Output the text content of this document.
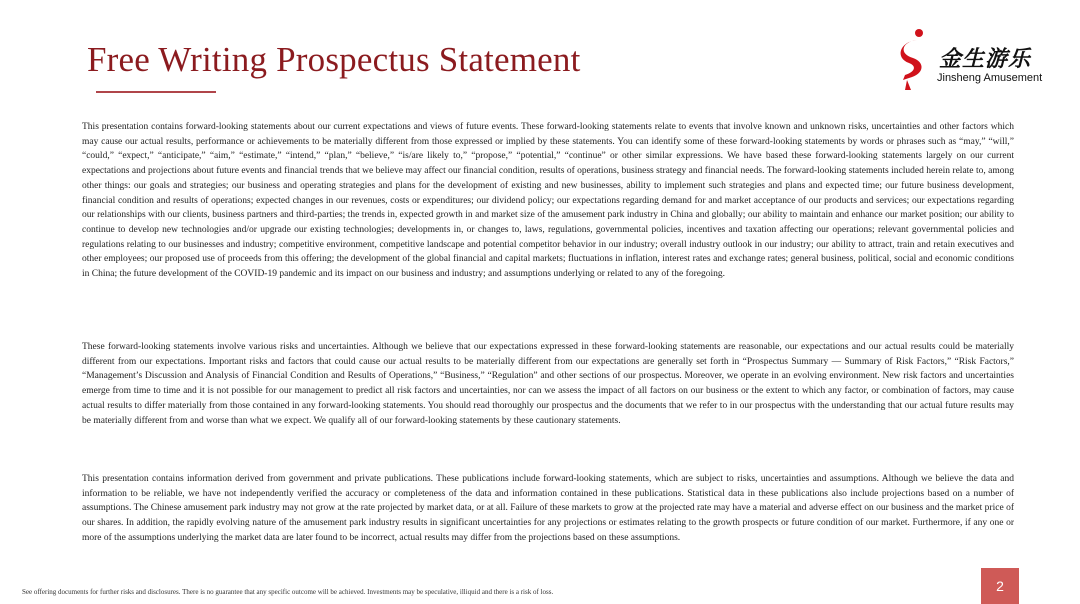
Free Writing Prospectus Statement	金生游乐
Jinsheng Amusement

This presentation contains forward-looking statements about our current expectations and views of future events. These forward-looking statements relate to events that involve known and unknown risks, uncertainties and other factors which may cause our actual results, performance or achievements to be materially different from those expressed or implied by these statements. You can identify some of these forward-looking statements by words or phrases such as “may,” “will,” “could,” “expect,” “anticipate,” “aim,” “estimate,” “intend,” “plan,” “believe,” “is/are likely to,” “propose,” “potential,” “continue” or other similar expressions. We have based these forward-looking statements largely on our current expectations and projections about future events and financial trends that we believe may affect our financial condition, results of operations, business strategy and financial needs. The forward-looking statements included herein relate to, among other things: our goals and strategies; our business and operating strategies and plans for the development of existing and new businesses, ability to implement such strategies and plans and expected time; our future business development, financial condition and results of operations; expected changes in our revenues, costs or expenditures; our dividend policy; our expectations regarding demand for and market acceptance of our products and services; our expectations regarding our relationships with our clients, business partners and third-parties; the trends in, expected growth in and market size of the amusement park industry in China and globally; our ability to maintain and enhance our market position; our ability to continue to develop new technologies and/or upgrade our existing technologies; developments in, or changes to, laws, regulations, governmental policies, incentives and taxation affecting our operations; relevant governmental policies and regulations relating to our businesses and industry; competitive environment, competitive landscape and potential competitor behavior in our industry; overall industry outlook in our industry; our ability to attract, train and retain executives and other employees; our proposed use of proceeds from this offering; the development of the global financial and capital markets; fluctuations in inflation, interest rates and exchange rates; general business, political, social and economic conditions in China; the future development of the COVID-19 pandemic and its impact on our business and industry; and assumptions underlying or related to any of the foregoing.

These forward-looking statements involve various risks and uncertainties. Although we believe that our expectations expressed in these forward-looking statements are reasonable, our expectations and our actual results could be materially different from our expectations. Important risks and factors that could cause our actual results to be materially different from our expectations are generally set forth in “Prospectus Summary — Summary of Risk Factors,” “Risk Factors,” “Management’s Discussion and Analysis of Financial Condition and Results of Operations,” “Business,” “Regulation” and other sections of our prospectus. Moreover, we operate in an evolving environment. New risk factors and uncertainties emerge from time to time and it is not possible for our management to predict all risk factors and uncertainties, nor can we assess the impact of all factors on our business or the extent to which any factor, or combination of factors, may cause actual results to differ materially from those contained in any forward-looking statements. You should read thoroughly our prospectus and the documents that we refer to in our prospectus with the understanding that our actual future results may be materially different from and worse than what we expect. We qualify all of our forward-looking statements by these cautionary statements.

This presentation contains information derived from government and private publications. These publications include forward-looking statements, which are subject to risks, uncertainties and assumptions. Although we believe the data and information to be reliable, we have not independently verified the accuracy or completeness of the data and information contained in these publications. Statistical data in these publications also include projections based on a number of assumptions. The Chinese amusement park industry may not grow at the rate projected by market data, or at all. Failure of these markets to grow at the projected rate may have a material and adverse effect on our business and the market price of our shares. In addition, the rapidly evolving nature of the amusement park industry results in significant uncertainties for any projections or estimates relating to the growth prospects or future condition of our market. Furthermore, if any one or more of the assumptions underlying the market data are later found to be incorrect, actual results may differ from the projections based on these assumptions.

See offering documents for further risks and disclosures. There is no guarantee that any specific outcome will be achieved. Investments may be speculative, illiquid and there is a risk of loss.	2
